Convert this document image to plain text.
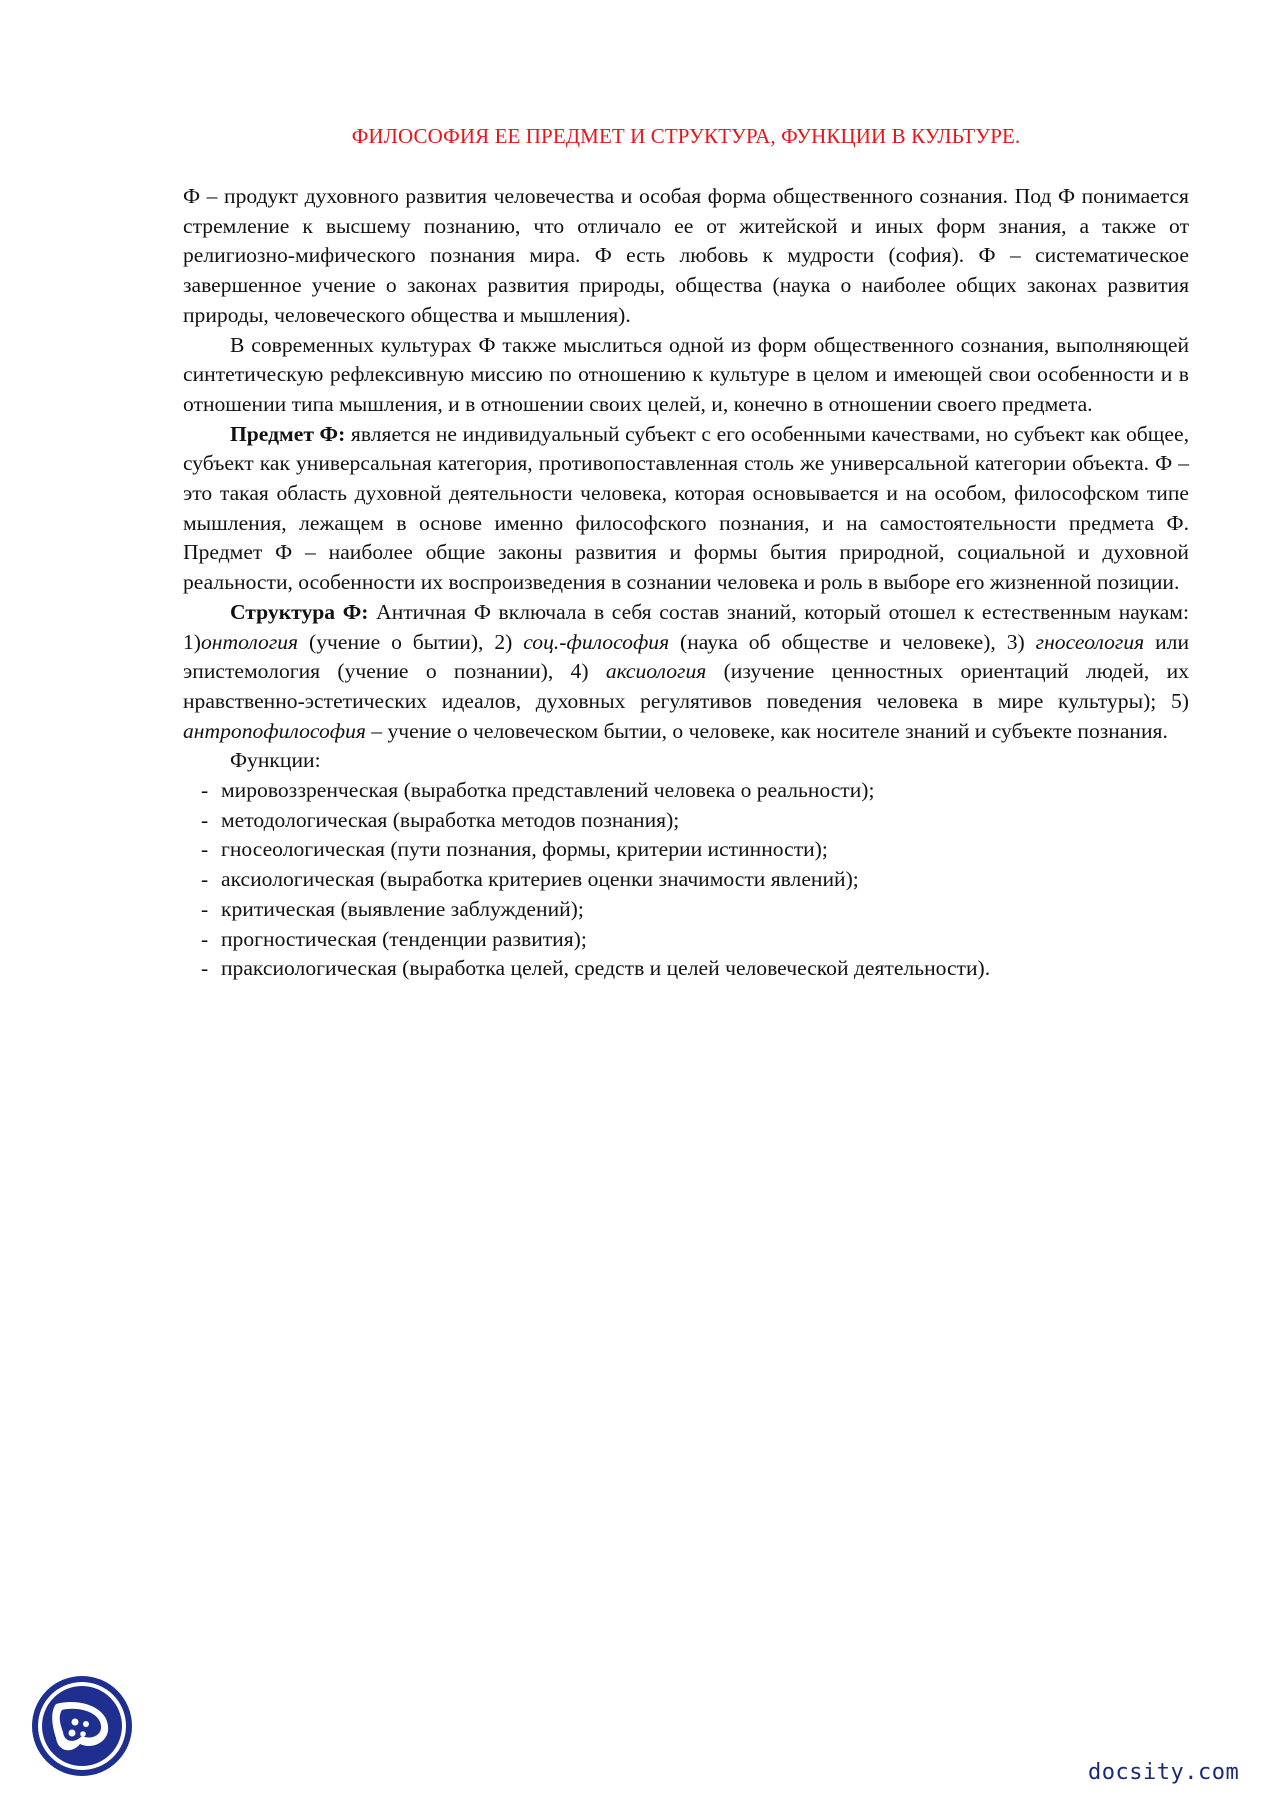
ФИЛОСОФИЯ ЕЕ ПРЕДМЕТ И СТРУКТУРА, ФУНКЦИИ В КУЛЬТУРЕ.

Ф – продукт духовного развития человечества и особая форма общественного сознания. Под Ф понимается стремление к высшему познанию, что отличало ее от житейской и иных форм знания, а также от религиозно-мифического познания мира. Ф есть любовь к мудрости (софия). Ф – систематическое завершенное учение о законах развития природы, общества (наука о наиболее общих законах развития природы, человеческого общества и мышления).

В современных культурах Ф также мыслиться одной из форм общественного сознания, выполняющей синтетическую рефлексивную миссию по отношению к культуре в целом и имеющей свои особенности и в отношении типа мышления, и в отношении своих целей, и, конечно в отношении своего предмета.

Предмет Ф: является не индивидуальный субъект с его особенными качествами, но субъект как общее, субъект как универсальная категория, противопоставленная столь же универсальной категории объекта. Ф – это такая область духовной деятельности человека, которая основывается и на особом, философском типе мышления, лежащем в основе именно философского познания, и на самостоятельности предмета Ф. Предмет Ф – наиболее общие законы развития и формы бытия природной, социальной и духовной реальности, особенности их воспроизведения в сознании человека и роль в выборе его жизненной позиции.

Структура Ф: Античная Ф включала в себя состав знаний, который отошел к естественным наукам: 1)онтология (учение о бытии), 2) соц.-философия (наука об обществе и человеке), 3) гносеология или эпистемология (учение о познании), 4) аксиология (изучение ценностных ориентаций людей, их нравственно-эстетических идеалов, духовных регулятивов поведения человека в мире культуры); 5) антропофилософия – учение о человеческом бытии, о человеке, как носителе знаний и субъекте познания.

Функции:

- мировоззренческая (выработка представлений человека о реальности);
- методологическая (выработка методов познания);
- гносеологическая (пути познания, формы, критерии истинности);
- аксиологическая (выработка критериев оценки значимости явлений);
- критическая (выявление заблуждений);
- прогностическая (тенденции развития);
- праксиологическая (выработка целей, средств и целей человеческой деятельности).
docsity.com
